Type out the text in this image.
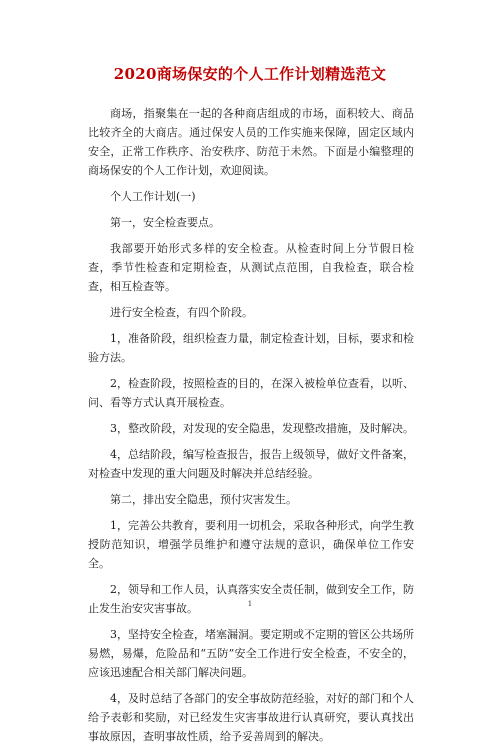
2020商场保安的个人工作计划精选范文

商场，指聚集在一起的各种商店组成的市场，面积较大、商品比较齐全的大商店。通过保安人员的工作实施来保障，固定区域内安全，正常工作秩序、治安秩序、防范于未然。下面是小编整理的商场保安的个人工作计划，欢迎阅读。

个人工作计划(一)

第一，安全检查要点。

我部要开始形式多样的安全检查。从检查时间上分节假日检查，季节性检查和定期检查，从测试点范围，自我检查，联合检查，相互检查等。

进行安全检查，有四个阶段。

1，准备阶段，组织检查力量，制定检查计划，目标，要求和检验方法。

2，检查阶段，按照检查的目的，在深入被检单位查看，以听、问、看等方式认真开展检查。

3，整改阶段，对发现的安全隐患，发现整改措施，及时解决。

4，总结阶段，编写检查报告，报告上级领导，做好文件备案，对检查中发现的重大问题及时解决并总结经验。

第二，排出安全隐患，预付灾害发生。

1，完善公共教育，要利用一切机会，采取各种形式，向学生教授防范知识，增强学员维护和遵守法规的意识，确保单位工作安全。

2，领导和工作人员，认真落实安全责任制，做到安全工作，防止发生治安灾害事故。

3，坚持安全检查，堵塞漏洞。要定期或不定期的管区公共场所易燃，易爆，危险品和“五防”安全工作进行安全检查，不安全的，应该迅速配合相关部门解决问题。

4，及时总结了各部门的安全事故防范经验，对好的部门和个人给予表彰和奖励，对已经发生灾害事故进行认真研究，要认真找出事故原因，查明事故性质，给予妥善周到的解决。

1
